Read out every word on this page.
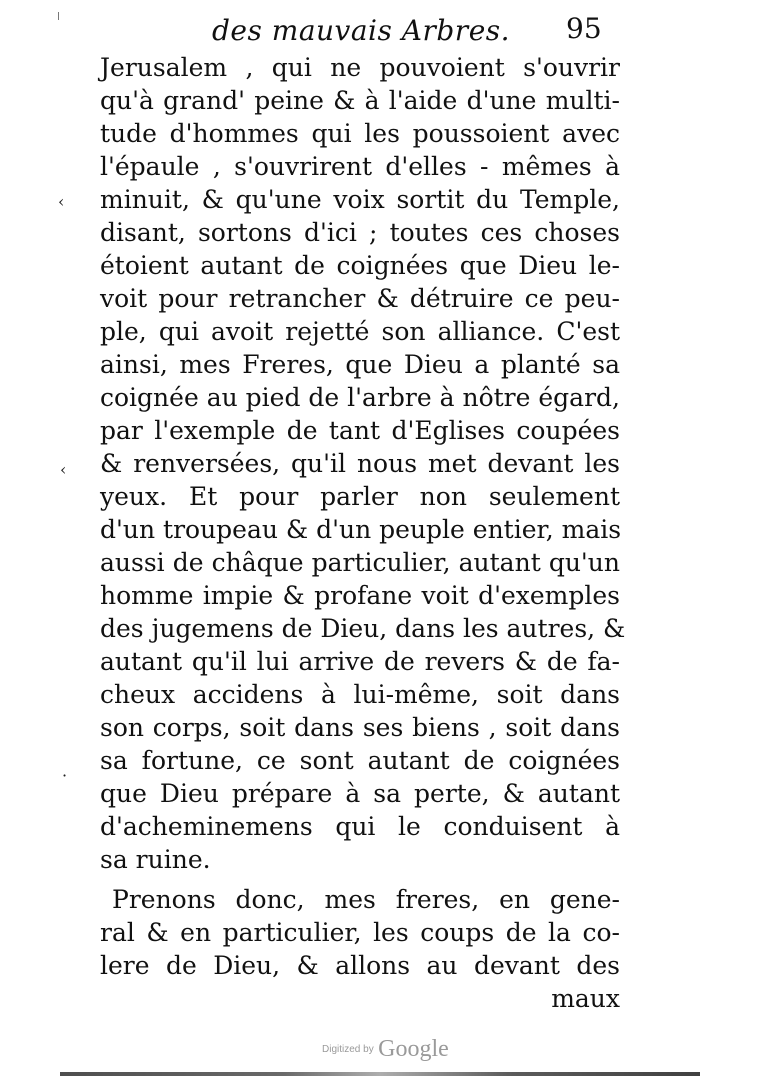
des mauvais Arbres. 95
Jerusalem , qui ne pouvoient s'ouvrir
qu'à grand' peine & à l'aide d'une multi-
tude d'hommes qui les poussoient avec
l'épaule , s'ouvrirent d'elles - mêmes à
minuit, & qu'une voix sortit du Temple,
disant, sortons d'ici ; toutes ces choses
étoient autant de coignées que Dieu le-
voit pour retrancher & détruire ce peu-
ple, qui avoit rejetté son alliance. C'est
ainsi, mes Freres, que Dieu a planté sa
coignée au pied de l'arbre à nôtre égard,
par l'exemple de tant d'Eglises coupées
& renversées, qu'il nous met devant les
yeux. Et pour parler non seulement
d'un troupeau & d'un peuple entier, mais
aussi de châque particulier, autant qu'un
homme impie & profane voit d'exemples
des jugemens de Dieu, dans les autres, &
autant qu'il lui arrive de revers & de fa-
cheux accidens à lui-même, soit dans
son corps, soit dans ses biens , soit dans
sa fortune, ce sont autant de coignées
que Dieu prépare à sa perte, & autant
d'acheminemens qui le conduisent à
sa ruine.
Prenons donc, mes freres, en gene-
ral & en particulier, les coups de la co-
lere de Dieu, & allons au devant des
maux
‹
‹
·
Digitized by Google
